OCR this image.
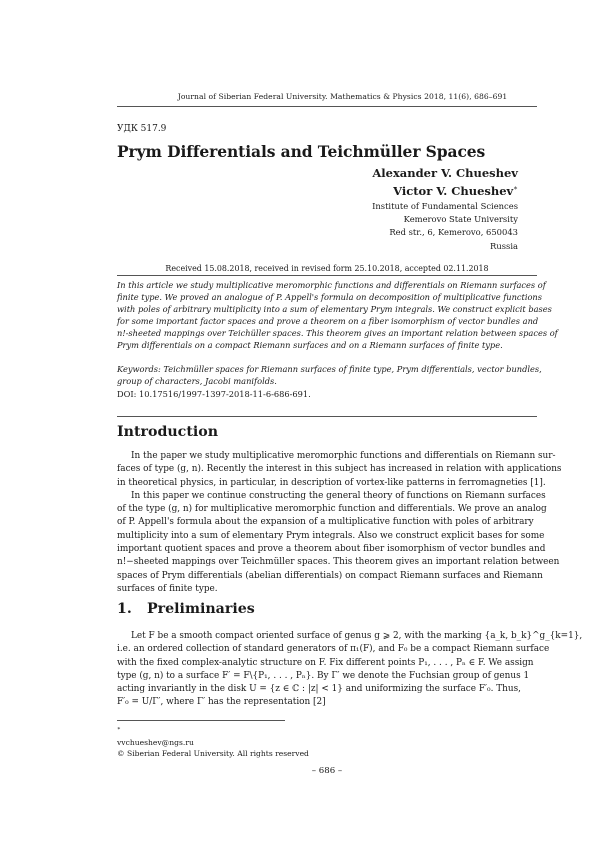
Journal of Siberian Federal University. Mathematics & Physics 2018, 11(6), 686–691
УДК 517.9
Prym Differentials and Teichmüller Spaces
Alexander V. Chueshev
Victor V. Chueshev∗
Institute of Fundamental Sciences
Kemerovo State University
Red str., 6, Kemerovo, 650043
Russia
Received 15.08.2018, received in revised form 25.10.2018, accepted 02.11.2018
In this article we study multiplicative meromorphic functions and differentials on Riemann surfaces of
finite type. We proved an analogue of P. Appell's formula on decomposition of multiplicative functions
with poles of arbitrary multiplicity into a sum of elementary Prym integrals. We construct explicit bases
for some important factor spaces and prove a theorem on a fiber isomorphism of vector bundles and
n!-sheeted mappings over Teichüller spaces. This theorem gives an important relation between spaces of
Prym differentials on a compact Riemann surfaces and on a Riemann surfaces of finite type.
Keywords: Teichmüller spaces for Riemann surfaces of finite type, Prym differentials, vector bundles,
group of characters, Jacobi manifolds.
DOI: 10.17516/1997-1397-2018-11-6-686-691.
Introduction
In the paper we study multiplicative meromorphic functions and differentials on Riemann sur-
faces of type (g, n). Recently the interest in this subject has increased in relation with applications
in theoretical physics, in particular, in description of vortex-like patterns in ferromagneties [1].
In this paper we continue constructing the general theory of functions on Riemann surfaces
of the type (g, n) for multiplicative meromorphic function and differentials. We prove an analog
of P. Appell's formula about the expansion of a multiplicative function with poles of arbitrary
multiplicity into a sum of elementary Prym integrals. Also we construct explicit bases for some
important quotient spaces and prove a theorem about fiber isomorphism of vector bundles and
n!−sheeted mappings over Teichmüller spaces. This theorem gives an important relation between
spaces of Prym differentials (abelian differentials) on compact Riemann surfaces and Riemann
surfaces of finite type.
1. Preliminaries
Let F be a smooth compact oriented surface of genus g ⩾ 2, with the marking {a_k, b_k}^g_{k=1},
i.e. an ordered collection of standard generators of π₁(F), and F₀ be a compact Riemann surface
with the fixed complex-analytic structure on F. Fix different points P₁, . . . , Pₙ ∈ F. We assign
type (g, n) to a surface F′ = F\{P₁, . . . , Pₙ}. By Γ′ we denote the Fuchsian group of genus 1
acting invariantly in the disk U = {z ∈ ℂ : |z| < 1} and uniformizing the surface F′₀. Thus,
F′₀ = U/Γ′, where Γ′ has the representation [2]
∗
vvchueshev@ngs.ru
© Siberian Federal University. All rights reserved
– 686 –
